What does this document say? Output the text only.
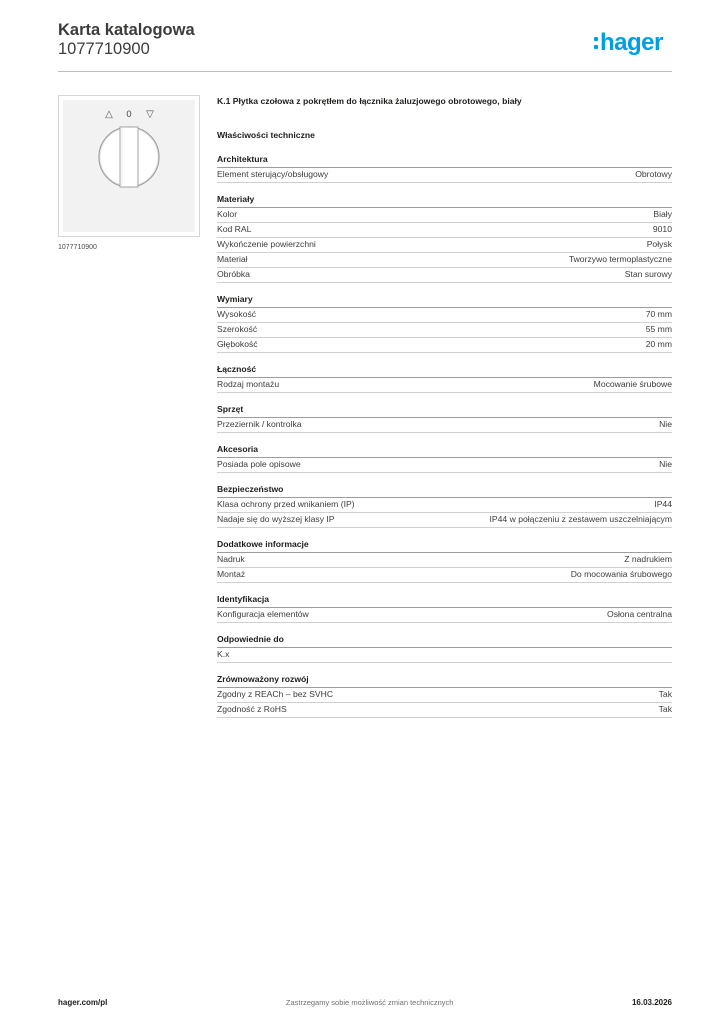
Karta katalogowa
1077710900	hager
△ 0 ▽
1077710900
K.1 Płytka czołowa z pokrętłem do łącznika żaluzjowego obrotowego, biały
Właściwości techniczne
Architektura
Element sterujący/obsługowy	Obrotowy
Materiały
Kolor	Biały
Kod RAL	9010
Wykończenie powierzchni	Połysk
Materiał	Tworzywo termoplastyczne
Obróbka	Stan surowy
Wymiary
Wysokość	70 mm
Szerokość	55 mm
Głębokość	20 mm
Łączność
Rodzaj montażu	Mocowanie śrubowe
Sprzęt
Przeziernik / kontrolka	Nie
Akcesoria
Posiada pole opisowe	Nie
Bezpieczeństwo
Klasa ochrony przed wnikaniem (IP)	IP44
Nadaje się do wyższej klasy IP	IP44 w połączeniu z zestawem uszczelniającym
Dodatkowe informacje
Nadruk	Z nadrukiem
Montaż	Do mocowania śrubowego
Identyfikacja
Konfiguracja elementów	Osłona centralna
Odpowiednie do
K.x
Zrównoważony rozwój
Zgodny z REACh – bez SVHC	Tak
Zgodność z RoHS	Tak
hager.com/pl	Zastrzegamy sobie możliwość zmian technicznych	16.03.2026
